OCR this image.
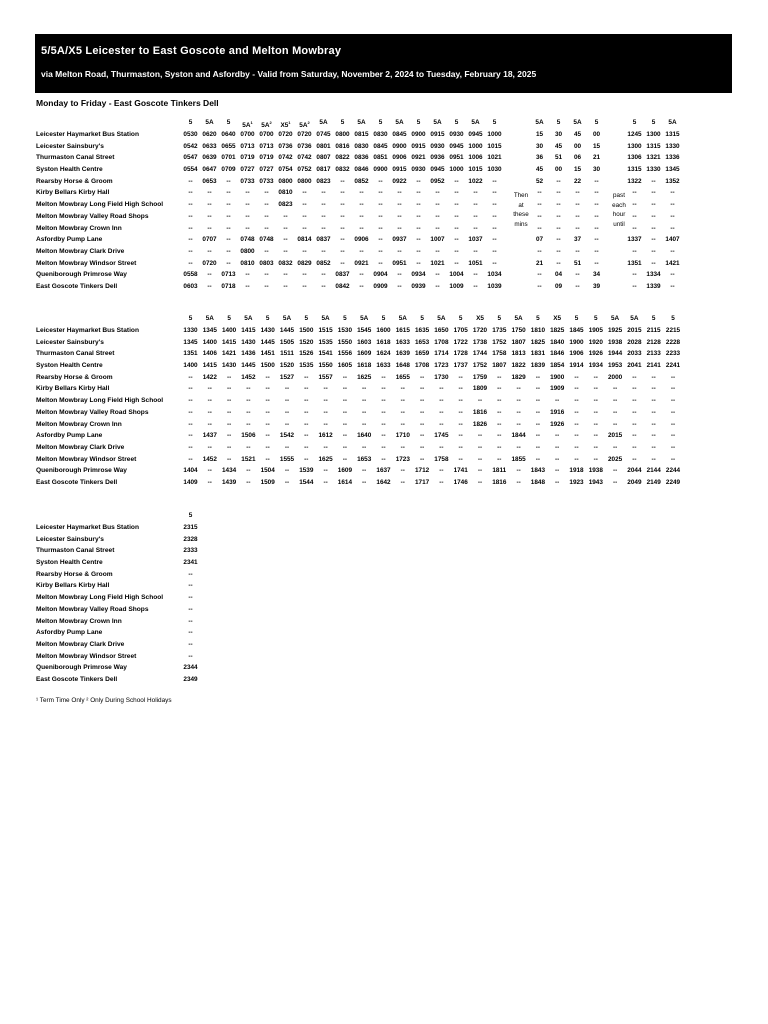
5/5A/X5 Leicester to East Goscote and Melton Mowbray
via Melton Road, Thurmaston, Syston and Asfordby - Valid from Saturday, November 2, 2024 to Tuesday, February 18, 2025
Monday to Friday - East Goscote Tinkers Dell
5	5A	5	$5A^1$	$5A^2$	$X5^1$	$5A^2$	5A	5	5A	5	5A	5	5A	5	5A	5	5A	5	5A	5	5	5	5A
Leicester Haymarket Bus Station	0530 0620 0640 0700 0700 0720 0720 0745 0800 0815 0830 0845 0900 0915 0930 0945 1000	15	30	45	00	1245 1300 1315
Leicester Sainsbury's	0542 0633 0655 0713 0713 0736 0736 0801 0816 0830 0845 0900 0915 0930 0945 1000 1015	30	45	00	15	1300 1315 1330
Thurmaston Canal Street	0547 0639 0701 0719 0719 0742 0742 0807 0822 0836 0851 0906 0921 0936 0951 1006 1021	36	51	06	21	1306 1321 1336
Syston Health Centre	0554 0647 0709 0727 0727 0754 0752 0817 0832 0846 0900 0915 0930 0945 1000 1015 1030	45	00	15	30	1315 1330 1345
Rearsby Horse & Groom	--	0653	--	0733 0733 0800 0800 0823	--	0852	--	0922	--	0952	--	1022	--	52	--	22	--	1322	--	1352
Kirby Bellars Kirby Hall	--	--	--	--	--	0810	--	--	--	--	--	--	--	--	--	--	--	--	--	--	--	--	--	--
Melton Mowbray Long Field High School	--	--	--	--	--	0823	--	--	--	--	--	--	--	--	--	--	--	--	--	--	--	--	--	--
Melton Mowbray Valley Road Shops	--	--	--	--	--	--	--	--	--	--	--	--	--	--	--	--	--	--	--	--	--	--	--	--
Melton Mowbray Crown Inn	--	--	--	--	--	--	--	--	--	--	--	--	--	--	--	--	--	--	--	--	--	--	--	--
Asfordby Pump Lane	--	0707	--	0748 0748	--	0814 0837	--	0906	--	0937	--	1007	--	1037	--	07	--	37	--	1337	--	1407
Melton Mowbray Clark Drive	--	--	--	0800	--	--	--	--	--	--	--	--	--	--	--	--	--	--	--	--	--	--	--	--
Melton Mowbray Windsor Street	--	0720	--	0810 0803 0832 0829 0852	--	0921	--	0951	--	1021	--	1051	--	21	--	51	--	1351	--	1421
Queniborough Primrose Way	0558	--	0713	--	--	--	--	--	0837	--	0904	--	0934	--	1004	--	1034	--	04	--	34	--	1334	--
East Goscote Tinkers Dell	0603	--	0718	--	--	--	--	--	0842	--	0909	--	0939	--	1009	--	1039	--	09	--	39	--	1339	--
Then
at
these
mins
past
each
hour
until
5	5A	5	5A	5	5A	5	5A	5	5A	5	5A	5	5A	5	X5	5	5A	5	X5	5	5	5A	5A	5	5
Leicester Haymarket Bus Station	1330 1345 1400 1415 1430 1445 1500 1515 1530 1545 1600 1615 1635 1650 1705 1720 1735 1750 1810 1825 1845 1905 1925 2015 2115 2215
Leicester Sainsbury's	1345 1400 1415 1430 1445 1505 1520 1535 1550 1603 1618 1633 1653 1708 1722 1738 1752 1807 1825 1840 1900 1920 1938 2028 2128 2228
Thurmaston Canal Street	1351 1406 1421 1436 1451 1511 1526 1541 1556 1609 1624 1639 1659 1714 1728 1744 1758 1813 1831 1846 1906 1926 1944 2033 2133 2233
Syston Health Centre	1400 1415 1430 1445 1500 1520 1535 1550 1605 1618 1633 1648 1708 1723 1737 1752 1807 1822 1839 1854 1914 1934 1953 2041 2141 2241
Rearsby Horse & Groom	--	1422	--	1452	--	1527	--	1557	--	1625	--	1655	--	1730	--	1759	--	1829	--	1900	--	--	2000	--	--	--
Kirby Bellars Kirby Hall	--	--	--	--	--	--	--	--	--	--	--	--	--	--	--	1809	--	--	--	1909	--	--	--	--	--	--
Melton Mowbray Long Field High School	--	--	--	--	--	--	--	--	--	--	--	--	--	--	--	--	--	--	--	--	--	--	--	--	--	--
Melton Mowbray Valley Road Shops	--	--	--	--	--	--	--	--	--	--	--	--	--	--	--	1816	--	--	--	1916	--	--	--	--	--	--
Melton Mowbray Crown Inn	--	--	--	--	--	--	--	--	--	--	--	--	--	--	--	1826	--	--	--	1926	--	--	--	--	--	--
Asfordby Pump Lane	--	1437	--	1506	--	1542	--	1612	--	1640	--	1710	--	1745	--	--	--	1844	--	--	--	--	2015	--	--	--
Melton Mowbray Clark Drive	--	--	--	--	--	--	--	--	--	--	--	--	--	--	--	--	--	--	--	--	--	--	--	--	--	--
Melton Mowbray Windsor Street	--	1452	--	1521	--	1555	--	1625	--	1653	--	1723	--	1758	--	--	--	1855	--	--	--	--	2025	--	--	--
Queniborough Primrose Way	1404	--	1434	--	1504	--	1539	--	1609	--	1637	--	1712	--	1741	--	1811	--	1843	--	1918 1938	--	2044 2144 2244
East Goscote Tinkers Dell	1409	--	1439	--	1509	--	1544	--	1614	--	1642	--	1717	--	1746	--	1816	--	1848	--	1923 1943	--	2049 2149 2249
5
Leicester Haymarket Bus Station	2315
Leicester Sainsbury's	2328
Thurmaston Canal Street	2333
Syston Health Centre	2341
Rearsby Horse & Groom	--
Kirby Bellars Kirby Hall	--
Melton Mowbray Long Field High School	--
Melton Mowbray Valley Road Shops	--
Melton Mowbray Crown Inn	--
Asfordby Pump Lane	--
Melton Mowbray Clark Drive	--
Melton Mowbray Windsor Street	--
Queniborough Primrose Way	2344
East Goscote Tinkers Dell	2349
¹ Term Time Only ² Only During School Holidays
